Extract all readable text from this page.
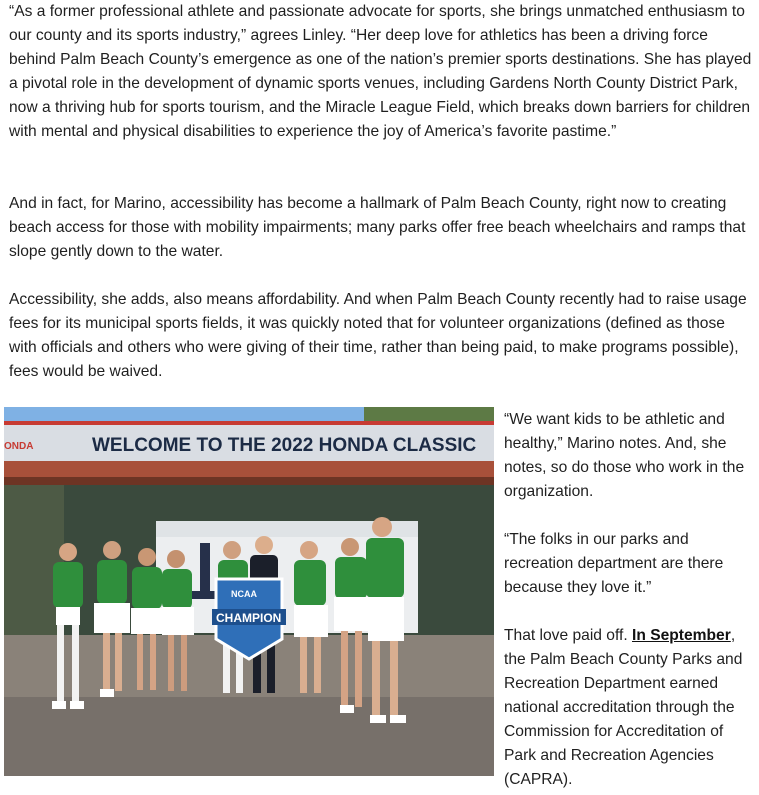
“As a former professional athlete and passionate advocate for sports, she brings unmatched enthusiasm to our county and its sports industry,” agrees Linley. “Her deep love for athletics has been a driving force behind Palm Beach County’s emergence as one of the nation’s premier sports destinations. She has played a pivotal role in the development of dynamic sports venues, including Gardens North County District Park, now a thriving hub for sports tourism, and the Miracle League Field, which breaks down barriers for children with mental and physical disabilities to experience the joy of America’s favorite pastime.”

And in fact, for Marino, accessibility has become a hallmark of Palm Beach County, right now to creating beach access for those with mobility impairments; many parks offer free beach wheelchairs and ramps that slope gently down to the water.

Accessibility, she adds, also means affordability. And when Palm Beach County recently had to raise usage fees for its municipal sports fields, it was quickly noted that for volunteer organizations (defined as those with officials and others who were giving of their time, rather than being paid, to make programs possible), fees would be waived.

ONDA	WELCOME TO THE 2022 HONDA CLASSIC
NCAA
CHAMPION

“We want kids to be athletic and healthy,” Marino notes. And, she notes, so do those who work in the organization.

“The folks in our parks and recreation department are there because they love it.”

That love paid off. In September, the Palm Beach County Parks and Recreation Department earned national accreditation through the Commission for Accreditation of Park and Recreation Agencies (CAPRA).
